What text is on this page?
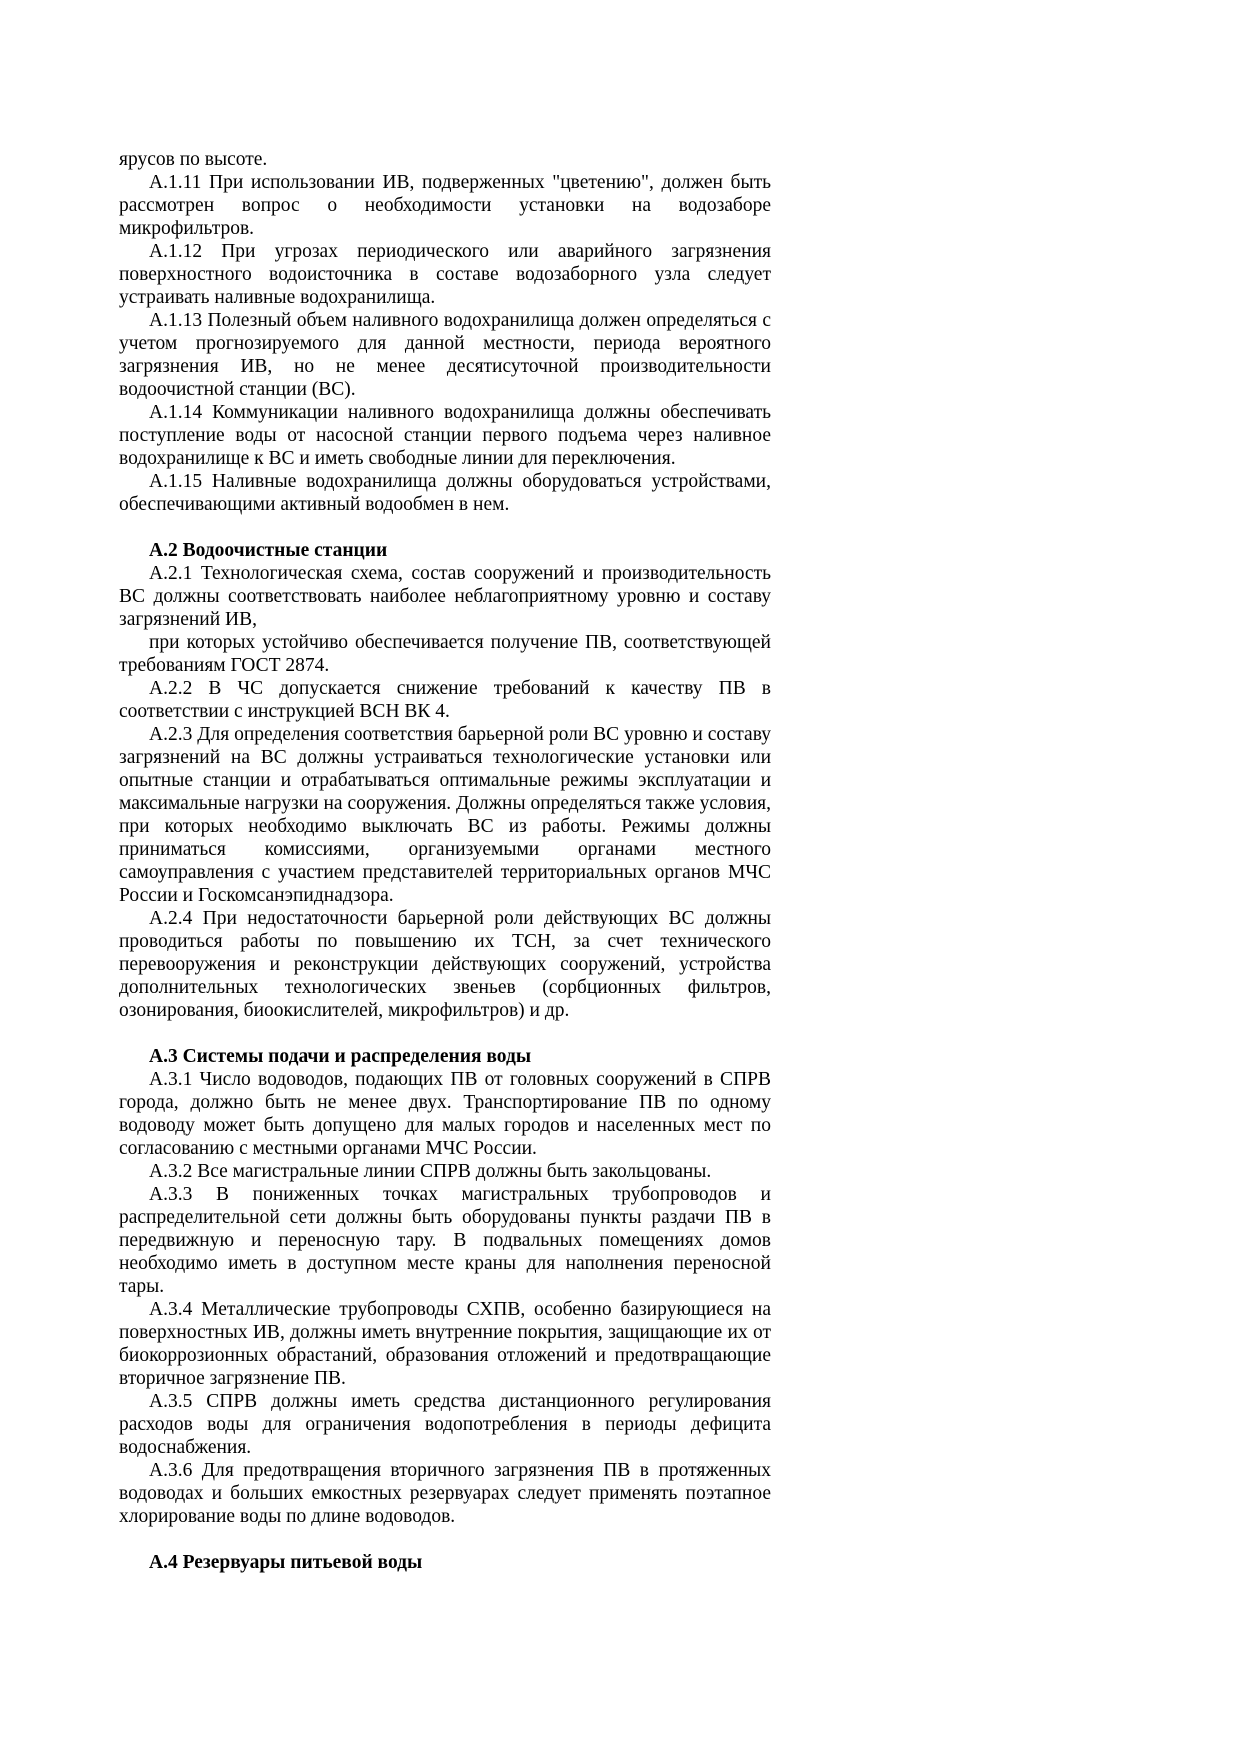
ярусов по высоте.

А.1.11 При использовании ИВ, подверженных "цветению", должен быть рассмотрен вопрос о необходимости установки на водозаборе микрофильтров.

А.1.12 При угрозах периодического или аварийного загрязнения поверхностного водоисточника в составе водозаборного узла следует устраивать наливные водохранилища.

А.1.13 Полезный объем наливного водохранилища должен определяться с учетом прогнозируемого для данной местности, периода вероятного загрязнения ИВ, но не менее десятисуточной производительности водоочистной станции (ВС).

А.1.14 Коммуникации наливного водохранилища должны обеспечивать поступление воды от насосной станции первого подъема через наливное водохранилище к ВС и иметь свободные линии для переключения.

А.1.15 Наливные водохранилища должны оборудоваться устройствами, обеспечивающими активный водообмен в нем.

А.2 Водоочистные станции

А.2.1 Технологическая схема, состав сооружений и производительность ВС должны соответствовать наиболее неблагоприятному уровню и составу загрязнений ИВ,

при которых устойчиво обеспечивается получение ПВ, соответствующей требованиям ГОСТ 2874.

А.2.2 В ЧС допускается снижение требований к качеству ПВ в соответствии с инструкцией ВСН ВК 4.

А.2.3 Для определения соответствия барьерной роли ВС уровню и составу загрязнений на ВС должны устраиваться технологические установки или опытные станции и отрабатываться оптимальные режимы эксплуатации и максимальные нагрузки на сооружения. Должны определяться также условия, при которых необходимо выключать ВС из работы. Режимы должны приниматься комиссиями, организуемыми органами местного самоуправления с участием представителей территориальных органов МЧС России и Госкомсанэпиднадзора.

А.2.4 При недостаточности барьерной роли действующих ВС должны проводиться работы по повышению их ТСН, за счет технического перевооружения и реконструкции действующих сооружений, устройства дополнительных технологических звеньев (сорбционных фильтров, озонирования, биоокислителей, микрофильтров) и др.

А.3 Системы подачи и распределения воды

А.3.1 Число водоводов, подающих ПВ от головных сооружений в СПРВ города, должно быть не менее двух. Транспортирование ПВ по одному водоводу может быть допущено для малых городов и населенных мест по согласованию с местными органами МЧС России.

А.3.2 Все магистральные линии СПРВ должны быть закольцованы.

А.3.3 В пониженных точках магистральных трубопроводов и распределительной сети должны быть оборудованы пункты раздачи ПВ в передвижную и переносную тару. В подвальных помещениях домов необходимо иметь в доступном месте краны для наполнения переносной тары.

А.3.4 Металлические трубопроводы СХПВ, особенно базирующиеся на поверхностных ИВ, должны иметь внутренние покрытия, защищающие их от биокоррозионных обрастаний, образования отложений и предотвращающие вторичное загрязнение ПВ.

А.3.5 СПРВ должны иметь средства дистанционного регулирования расходов воды для ограничения водопотребления в периоды дефицита водоснабжения.

А.3.6 Для предотвращения вторичного загрязнения ПВ в протяженных водоводах и больших емкостных резервуарах следует применять поэтапное хлорирование воды по длине водоводов.

А.4 Резервуары питьевой воды
